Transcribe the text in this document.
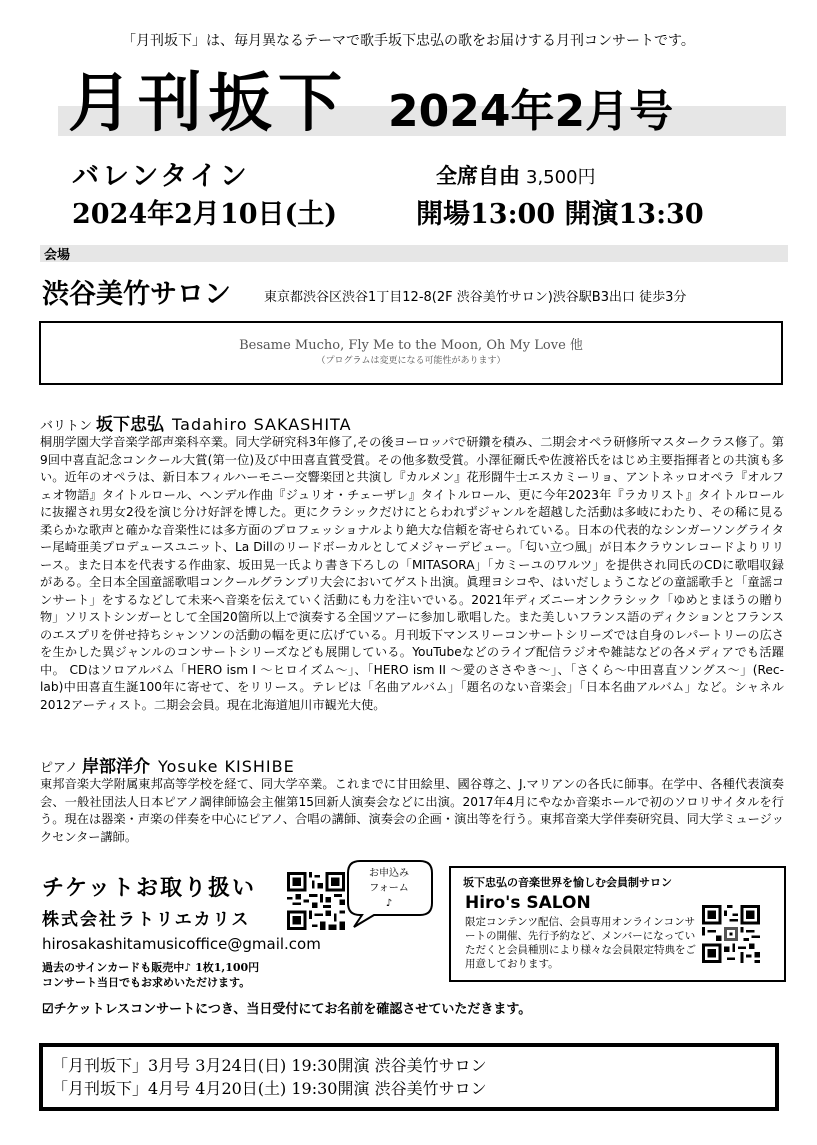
「月刊坂下」は、毎月異なるテーマで歌手坂下忠弘の歌をお届けする月刊コンサートです。
月刊坂下 2024年2月号
バレンタイン	全席自由 3,500円
2024年2月10日(土)	開場13:00 開演13:30
会場
渋谷美竹サロン	東京都渋谷区渋谷1丁目12-8(2F 渋谷美竹サロン)渋谷駅B3出口 徒歩3分
Besame Mucho, Fly Me to the Moon, Oh My Love 他
（プログラムは変更になる可能性があります）
バリトン 坂下忠弘 Tadahiro SAKASHITA
桐朋学園大学音楽学部声楽科卒業。同大学研究科3年修了,その後ヨーロッパで研鑽を積み、二期会オペラ研修所マスタークラス修了。第9回中喜直記念コンクール大賞(第一位)及び中田喜直賞受賞。その他多数受賞。小澤征爾氏や佐渡裕氏をはじめ主要指揮者との共演も多い。近年のオペラは、新日本フィルハーモニー交響楽団と共演し『カルメン』花形闘牛士エスカミーリョ、アントネッロオペラ『オルフェオ物語』タイトルロール、ヘンデル作曲『ジュリオ・チェーザレ』タイトルロール、更に今年2023年『ラカリスト』タイトルロールに抜擢され男女2役を演じ分け好評を博した。更にクラシックだけにとらわれずジャンルを超越した活動は多岐にわたり、その稀に見る柔らかな歌声と確かな音楽性には多方面のプロフェッショナルより絶大な信頼を寄せられている。日本の代表的なシンガーソングライター尾崎亜美プロデュースユニット、La Dillのリードボーカルとしてメジャーデビュー。「匂い立つ風」が日本クラウンレコードよりリリース。また日本を代表する作曲家、坂田晃一氏より書き下ろしの「MITASORA」「カミーユのワルツ」を提供され同氏のCDに歌唱収録がある。全日本全国童謡歌唱コンクールグランプリ大会においてゲスト出演。眞理ヨシコや、はいだしょうこなどの童謡歌手と「童謡コンサート」をするなどして未来へ音楽を伝えていく活動にも力を注いでいる。2021年ディズニーオンクラシック「ゆめとまほうの贈り物」ソリストシンガーとして全国20箇所以上で演奏する全国ツアーに参加し歌唱した。また美しいフランス語のディクションとフランスのエスプリを併せ持ちシャンソンの活動の幅を更に広げている。月刊坂下マンスリーコンサートシリーズでは自身のレパートリーの広さを生かした異ジャンルのコンサートシリーズなども展開している。YouTubeなどのライブ配信ラジオや雑誌などの各メディアでも活躍中。 CDはソロアルバム「HERO ism I 〜ヒロイズム〜」、「HERO ism II 〜愛のささやき〜」、「さくら〜中田喜直ソングス〜」(Rec-lab)中田喜直生誕100年に寄せて、をリリース。テレビは「名曲アルバム」「題名のない音楽会」「日本名曲アルバム」など。シャネル2012アーティスト。二期会会員。現在北海道旭川市観光大使。
ピアノ 岸部洋介 Yosuke KISHIBE
東邦音楽大学附属東邦高等学校を経て、同大学卒業。これまでに甘田絵里、國谷尊之、J.マリアンの各氏に師事。在学中、各種代表演奏会、一般社団法人日本ピアノ調律師協会主催第15回新人演奏会などに出演。2017年4月にやなか音楽ホールで初のソロリサイタルを行う。現在は器楽・声楽の伴奏を中心にピアノ、合唱の講師、演奏会の企画・演出等を行う。東邦音楽大学伴奏研究員、同大学ミュージックセンター講師。
チケットお取り扱い
株式会社ラトリエカリス
hirosakashitamusicoffice@gmail.com
過去のサインカードも販売中♪ 1枚1,100円
コンサート当日でもお求めいただけます。
☑チケットレスコンサートにつき、当日受付にてお名前を確認させていただきます。
お申込み
フォーム
♪
坂下忠弘の音楽世界を愉しむ会員制サロン
Hiro's SALON
限定コンテンツ配信、会員専用オンラインコンサートの開催、先行予約など、メンバーになっていただくと会員種別により様々な会員限定特典をご用意しております。
「月刊坂下」3月号 3月24日(日) 19:30開演 渋谷美竹サロン
「月刊坂下」4月号 4月20日(土) 19:30開演 渋谷美竹サロン
